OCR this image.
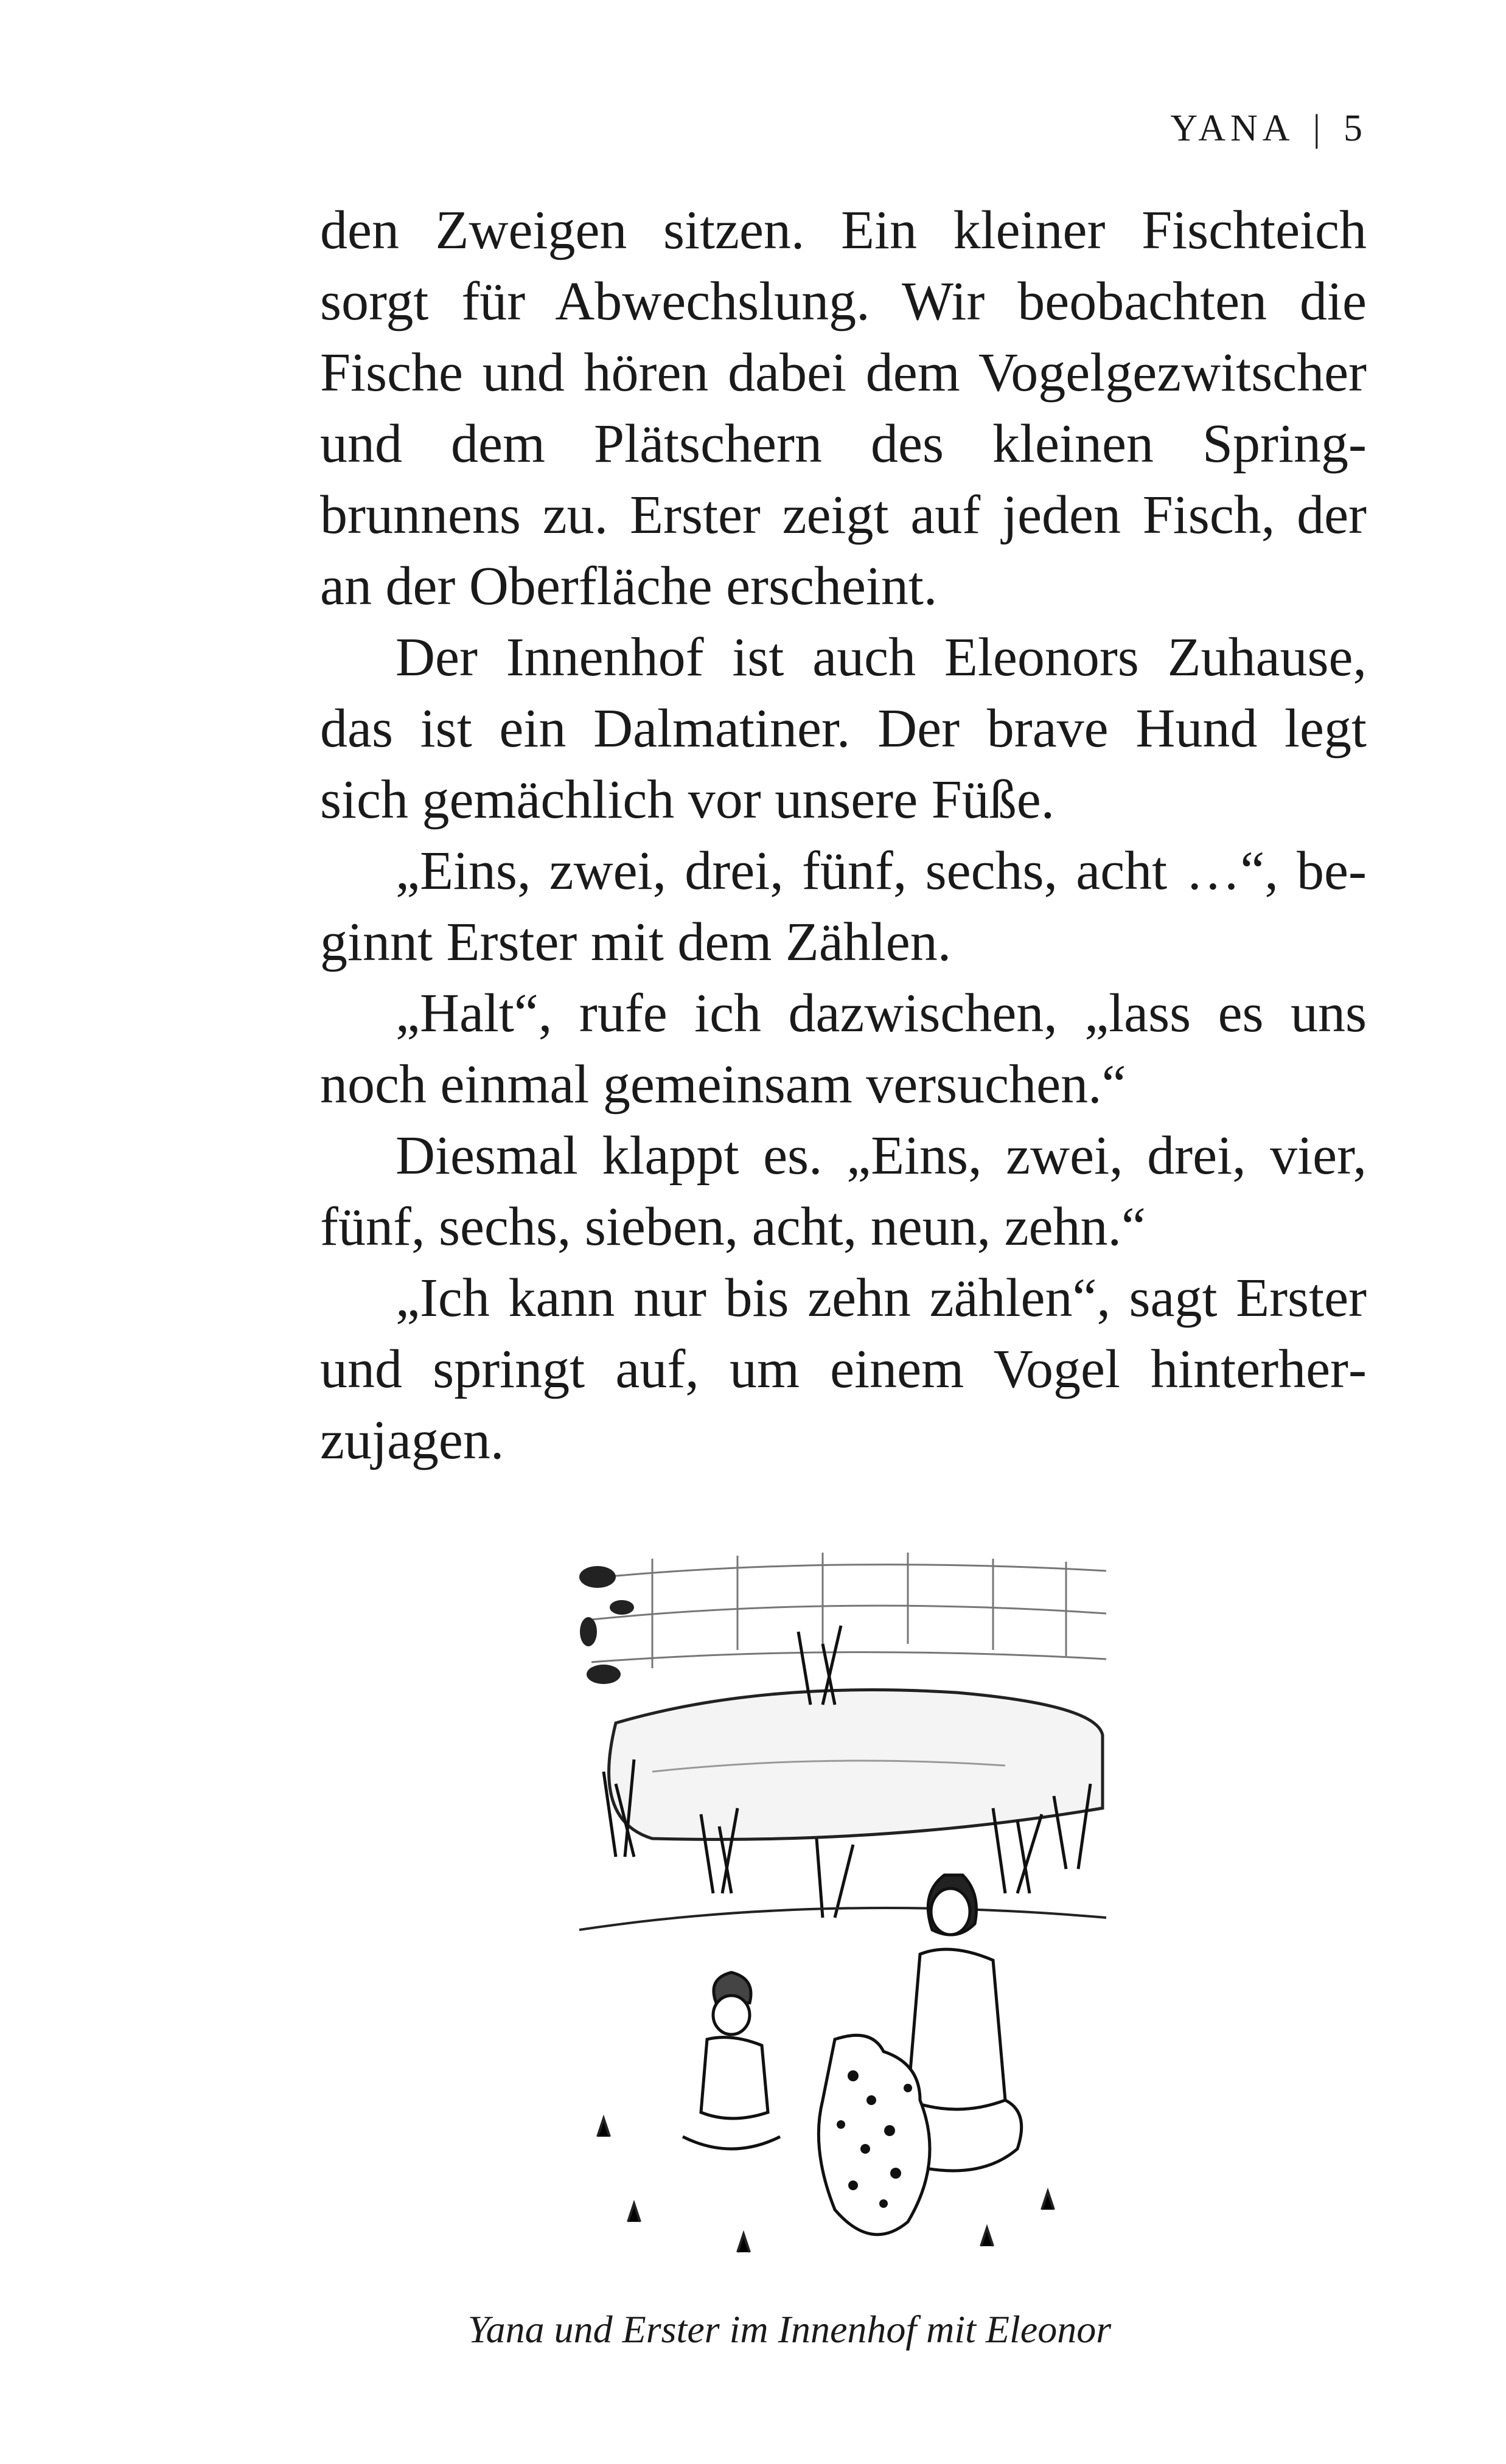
YANA | 5

den Zweigen sitzen. Ein kleiner Fischteich sorgt für Abwechslung. Wir beobachten die Fische und hören dabei dem Vogelgezwitscher und dem Plätschern des kleinen Springbrunnens zu. Erster zeigt auf jeden Fisch, der an der Oberfläche erscheint.

Der Innenhof ist auch Eleonors Zuhause, das ist ein Dalmatiner. Der brave Hund legt sich gemächlich vor unsere Füße.

„Eins, zwei, drei, fünf, sechs, acht …“, beginnt Erster mit dem Zählen.

„Halt“, rufe ich dazwischen, „lass es uns noch einmal gemeinsam versuchen.“

Diesmal klappt es. „Eins, zwei, drei, vier, fünf, sechs, sieben, acht, neun, zehn.“

„Ich kann nur bis zehn zählen“, sagt Erster und springt auf, um einem Vogel hinterherzujagen.

Yana und Erster im Innenhof mit Eleonor
